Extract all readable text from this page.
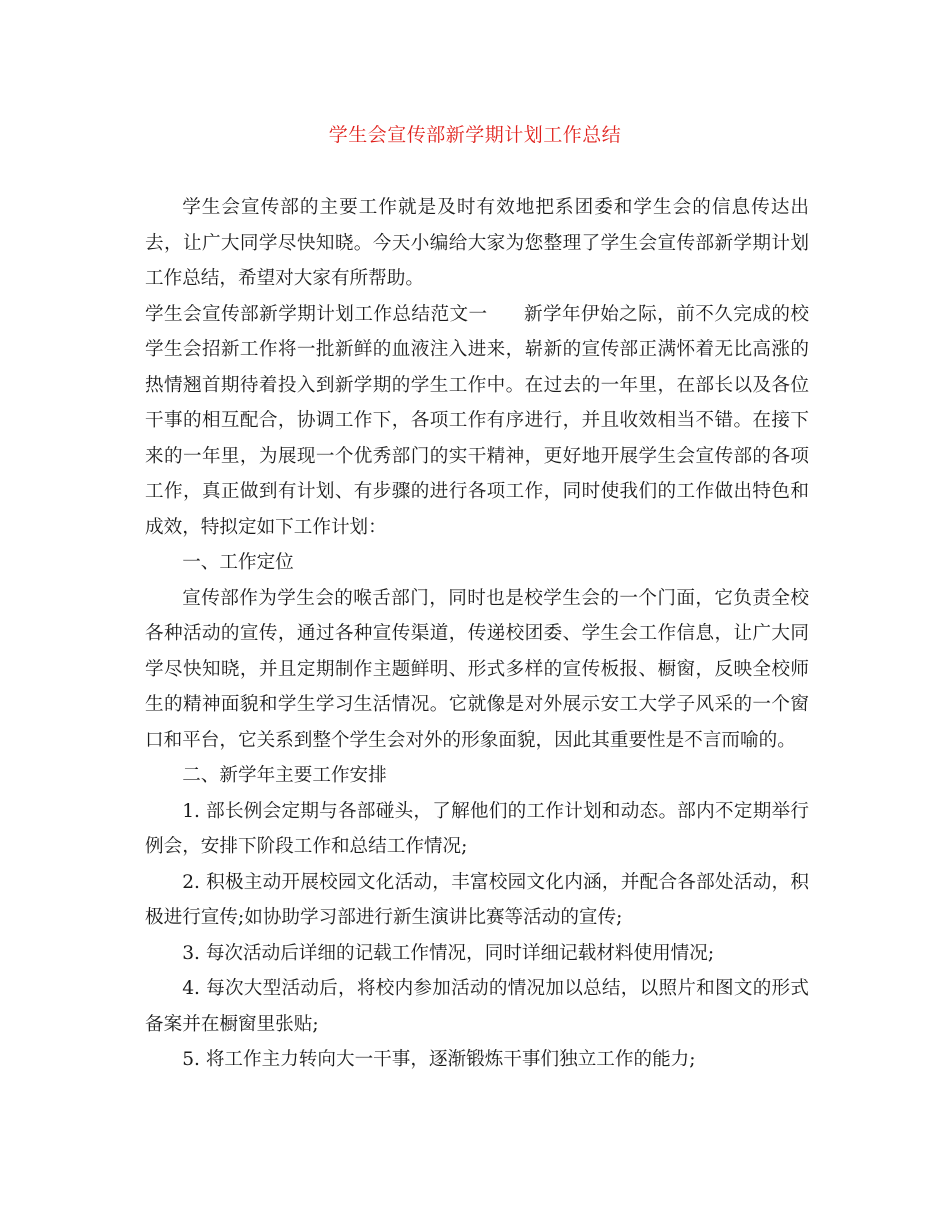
学生会宣传部新学期计划工作总结

学生会宣传部的主要工作就是及时有效地把系团委和学生会的信息传达出去，让广大同学尽快知晓。今天小编给大家为您整理了学生会宣传部新学期计划工作总结，希望对大家有所帮助。

学生会宣传部新学期计划工作总结范文一 新学年伊始之际，前不久完成的校学生会招新工作将一批新鲜的血液注入进来，崭新的宣传部正满怀着无比高涨的热情翘首期待着投入到新学期的学生工作中。在过去的一年里，在部长以及各位干事的相互配合，协调工作下，各项工作有序进行，并且收效相当不错。在接下来的一年里，为展现一个优秀部门的实干精神，更好地开展学生会宣传部的各项工作，真正做到有计划、有步骤的进行各项工作，同时使我们的工作做出特色和成效，特拟定如下工作计划：

一、工作定位

宣传部作为学生会的喉舌部门，同时也是校学生会的一个门面，它负责全校各种活动的宣传，通过各种宣传渠道，传递校团委、学生会工作信息，让广大同学尽快知晓，并且定期制作主题鲜明、形式多样的宣传板报、橱窗，反映全校师生的精神面貌和学生学习生活情况。它就像是对外展示安工大学子风采的一个窗口和平台，它关系到整个学生会对外的形象面貌，因此其重要性是不言而喻的。

二、新学年主要工作安排

1. 部长例会定期与各部碰头，了解他们的工作计划和动态。部内不定期举行例会，安排下阶段工作和总结工作情况;

2. 积极主动开展校园文化活动，丰富校园文化内涵，并配合各部处活动，积极进行宣传;如协助学习部进行新生演讲比赛等活动的宣传;

3. 每次活动后详细的记载工作情况，同时详细记载材料使用情况;

4. 每次大型活动后，将校内参加活动的情况加以总结，以照片和图文的形式备案并在橱窗里张贴;

5. 将工作主力转向大一干事，逐渐锻炼干事们独立工作的能力;
